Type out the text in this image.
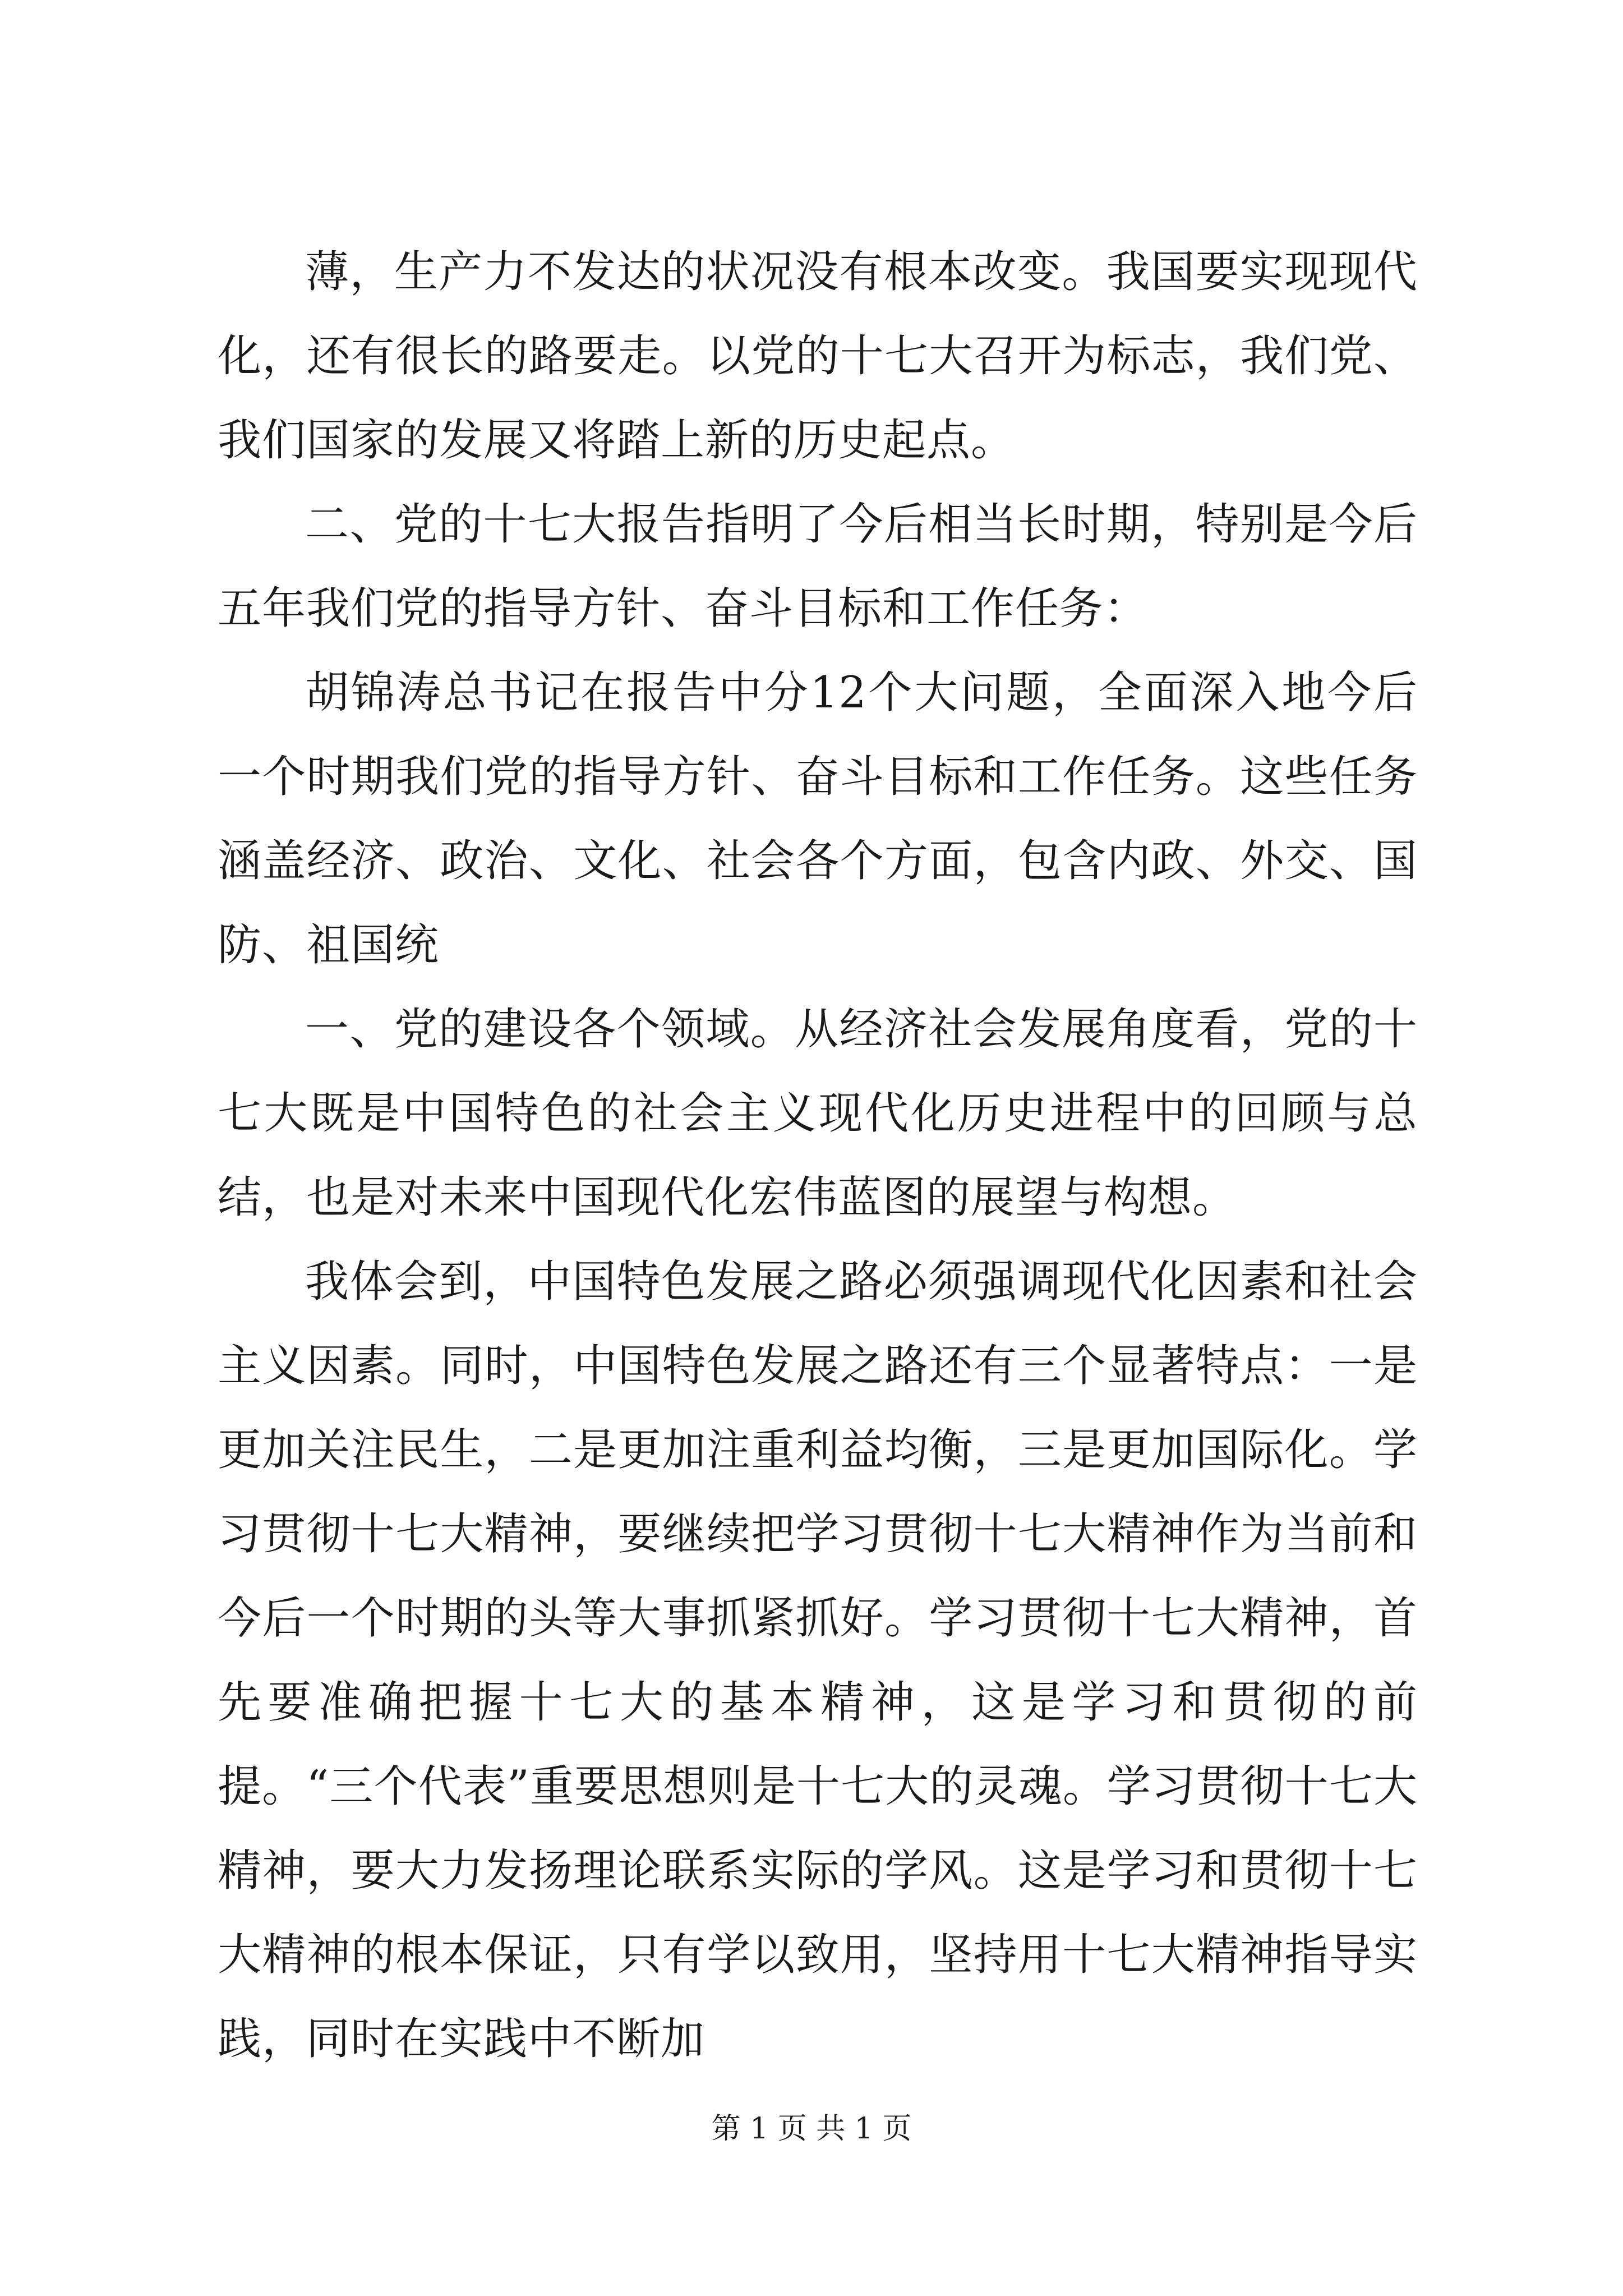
薄，生产力不发达的状况没有根本改变。我国要实现现代化，还有很长的路要走。以党的十七大召开为标志，我们党、我们国家的发展又将踏上新的历史起点。

二、党的十七大报告指明了今后相当长时期，特别是今后五年我们党的指导方针、奋斗目标和工作任务：

胡锦涛总书记在报告中分12个大问题，全面深入地今后一个时期我们党的指导方针、奋斗目标和工作任务。这些任务涵盖经济、政治、文化、社会各个方面，包含内政、外交、国防、祖国统

一、党的建设各个领域。从经济社会发展角度看，党的十七大既是中国特色的社会主义现代化历史进程中的回顾与总结，也是对未来中国现代化宏伟蓝图的展望与构想。

我体会到，中国特色发展之路必须强调现代化因素和社会主义因素。同时，中国特色发展之路还有三个显著特点：一是更加关注民生，二是更加注重利益均衡，三是更加国际化。学习贯彻十七大精神，要继续把学习贯彻十七大精神作为当前和今后一个时期的头等大事抓紧抓好。学习贯彻十七大精神，首先要准确把握十七大的基本精神，这是学习和贯彻的前提。“三个代表”重要思想则是十七大的灵魂。学习贯彻十七大精神，要大力发扬理论联系实际的学风。这是学习和贯彻十七大精神的根本保证，只有学以致用，坚持用十七大精神指导实践，同时在实践中不断加

第 1 页 共 1 页
